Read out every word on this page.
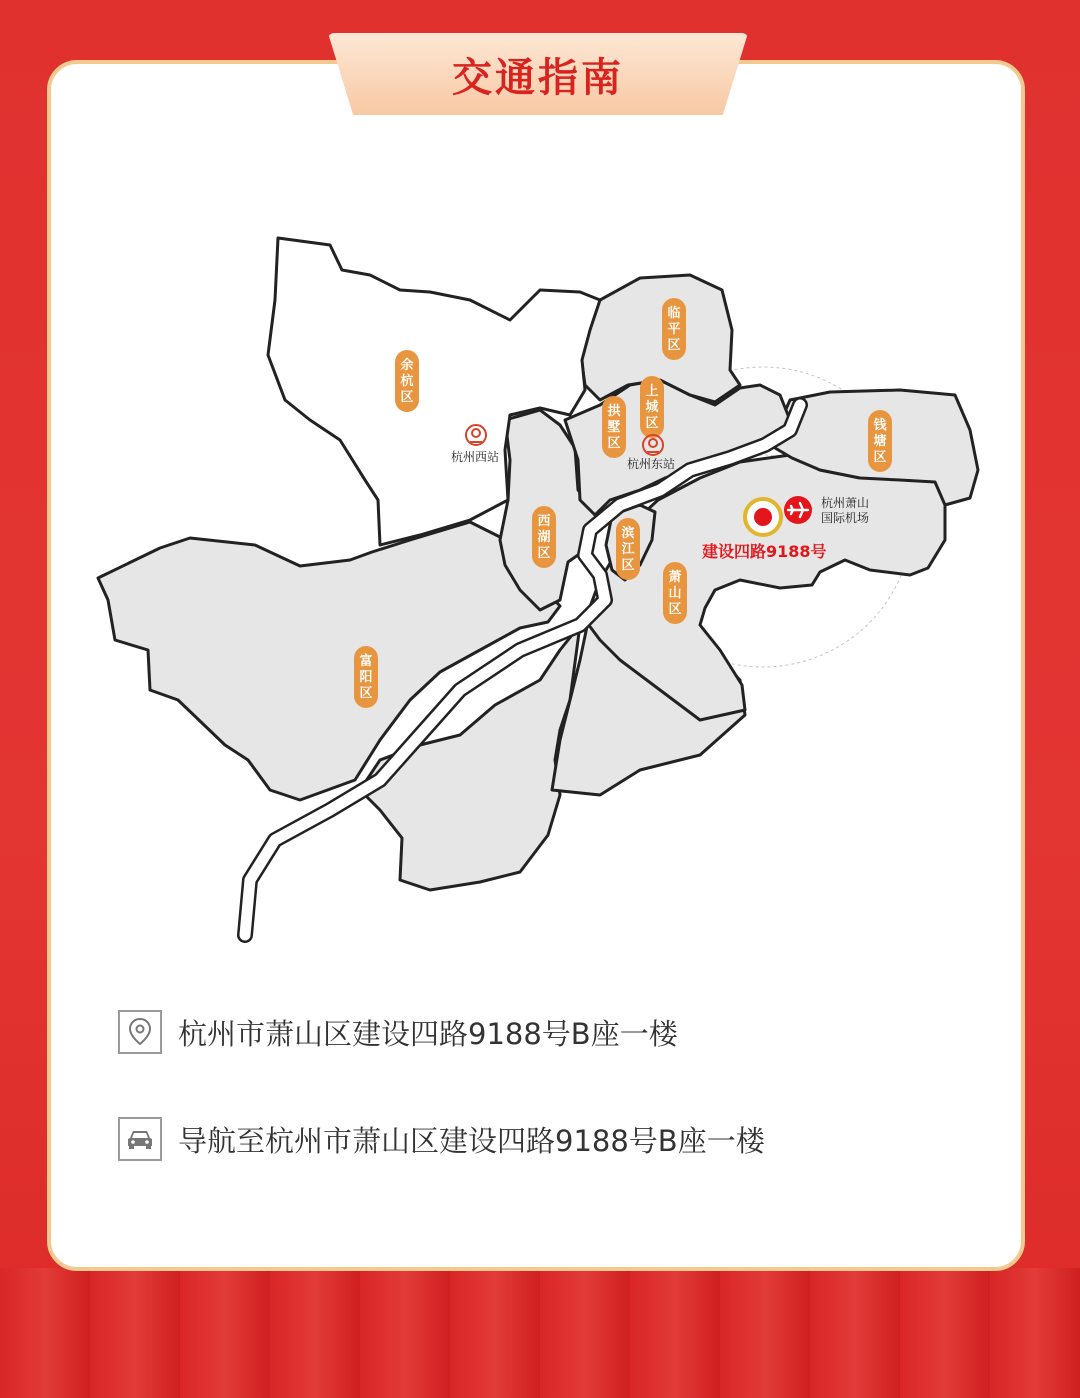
交通指南
余
杭
区
临
平
区
上
城
区
拱
墅
区
钱
塘
区
西
湖
区
滨
江
区
萧
山
区
富
阳
区
杭州西站	杭州东站
建设四路9188号
杭州萧山
国际机场
杭州市萧山区建设四路9188号B座一楼
导航至杭州市萧山区建设四路9188号B座一楼
